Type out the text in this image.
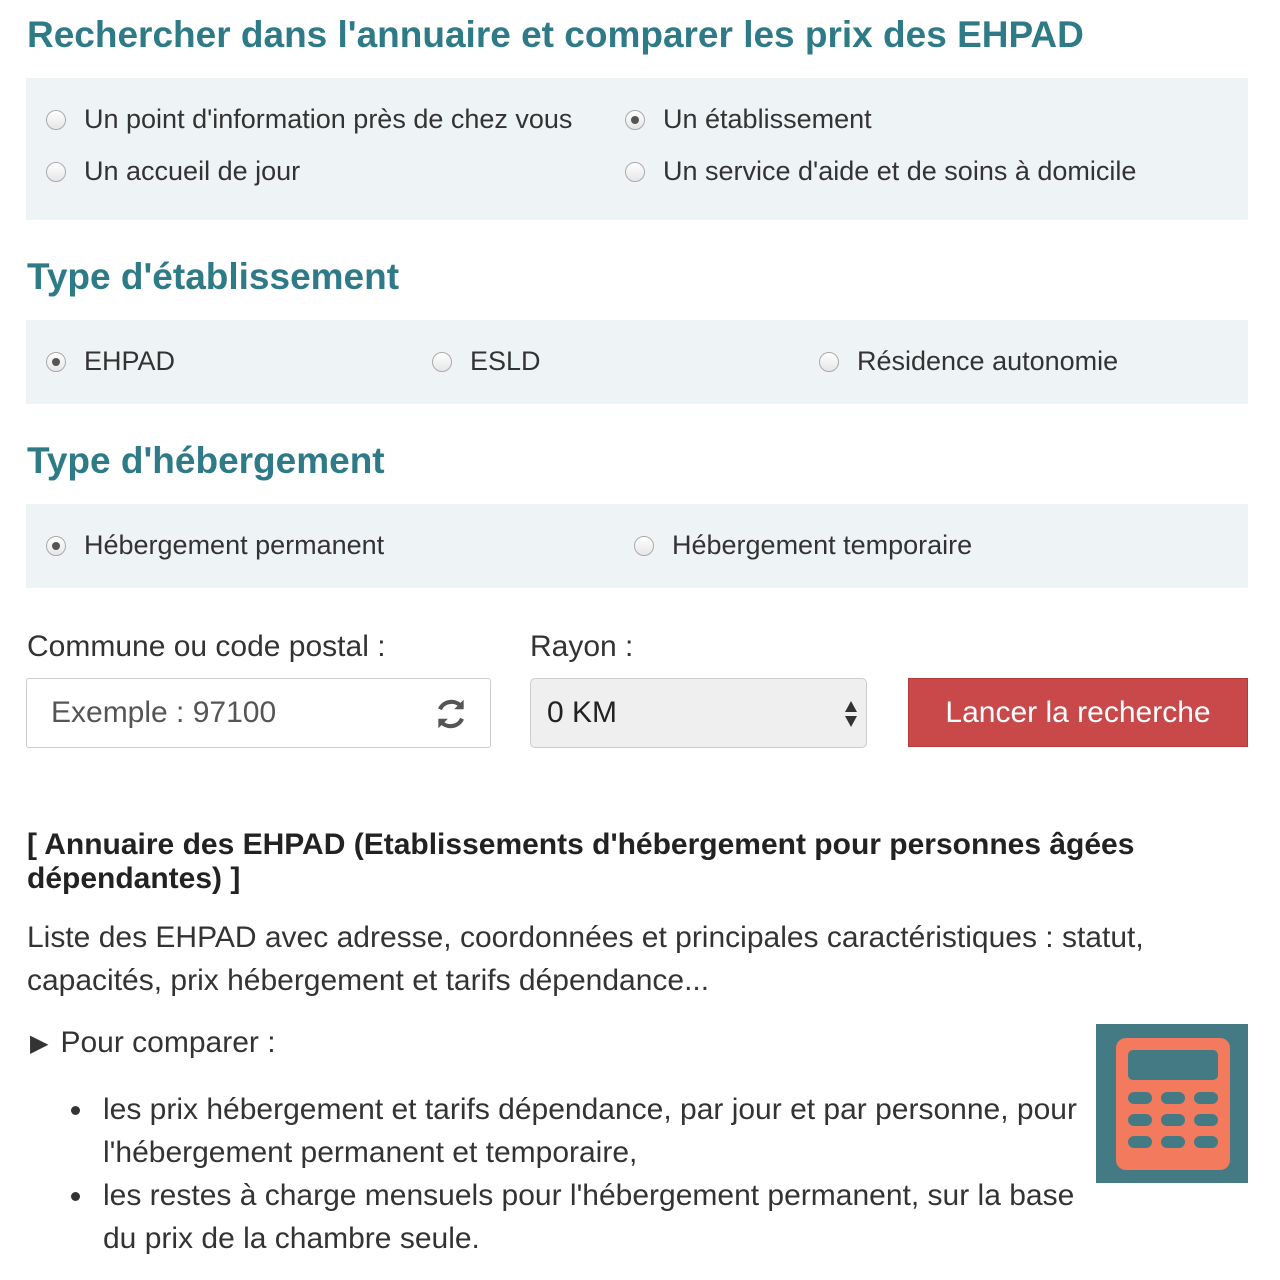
Rechercher dans l'annuaire et comparer les prix des EHPAD
Un point d'information près de chez vous	Un établissement
Un accueil de jour	Un service d'aide et de soins à domicile
Type d'établissement
EHPAD	ESLD	Résidence autonomie
Type d'hébergement
Hébergement permanent	Hébergement temporaire
Commune ou code postal :	Rayon :
Exemple : 97100	0 KM	Lancer la recherche
[ Annuaire des EHPAD (Etablissements d'hébergement pour personnes âgées dépendantes) ]
Liste des EHPAD avec adresse, coordonnées et principales caractéristiques : statut, capacités, prix hébergement et tarifs dépendance...
▶ Pour comparer :
les prix hébergement et tarifs dépendance, par jour et par personne, pour l'hébergement permanent et temporaire,
les restes à charge mensuels pour l'hébergement permanent, sur la base du prix de la chambre seule.
